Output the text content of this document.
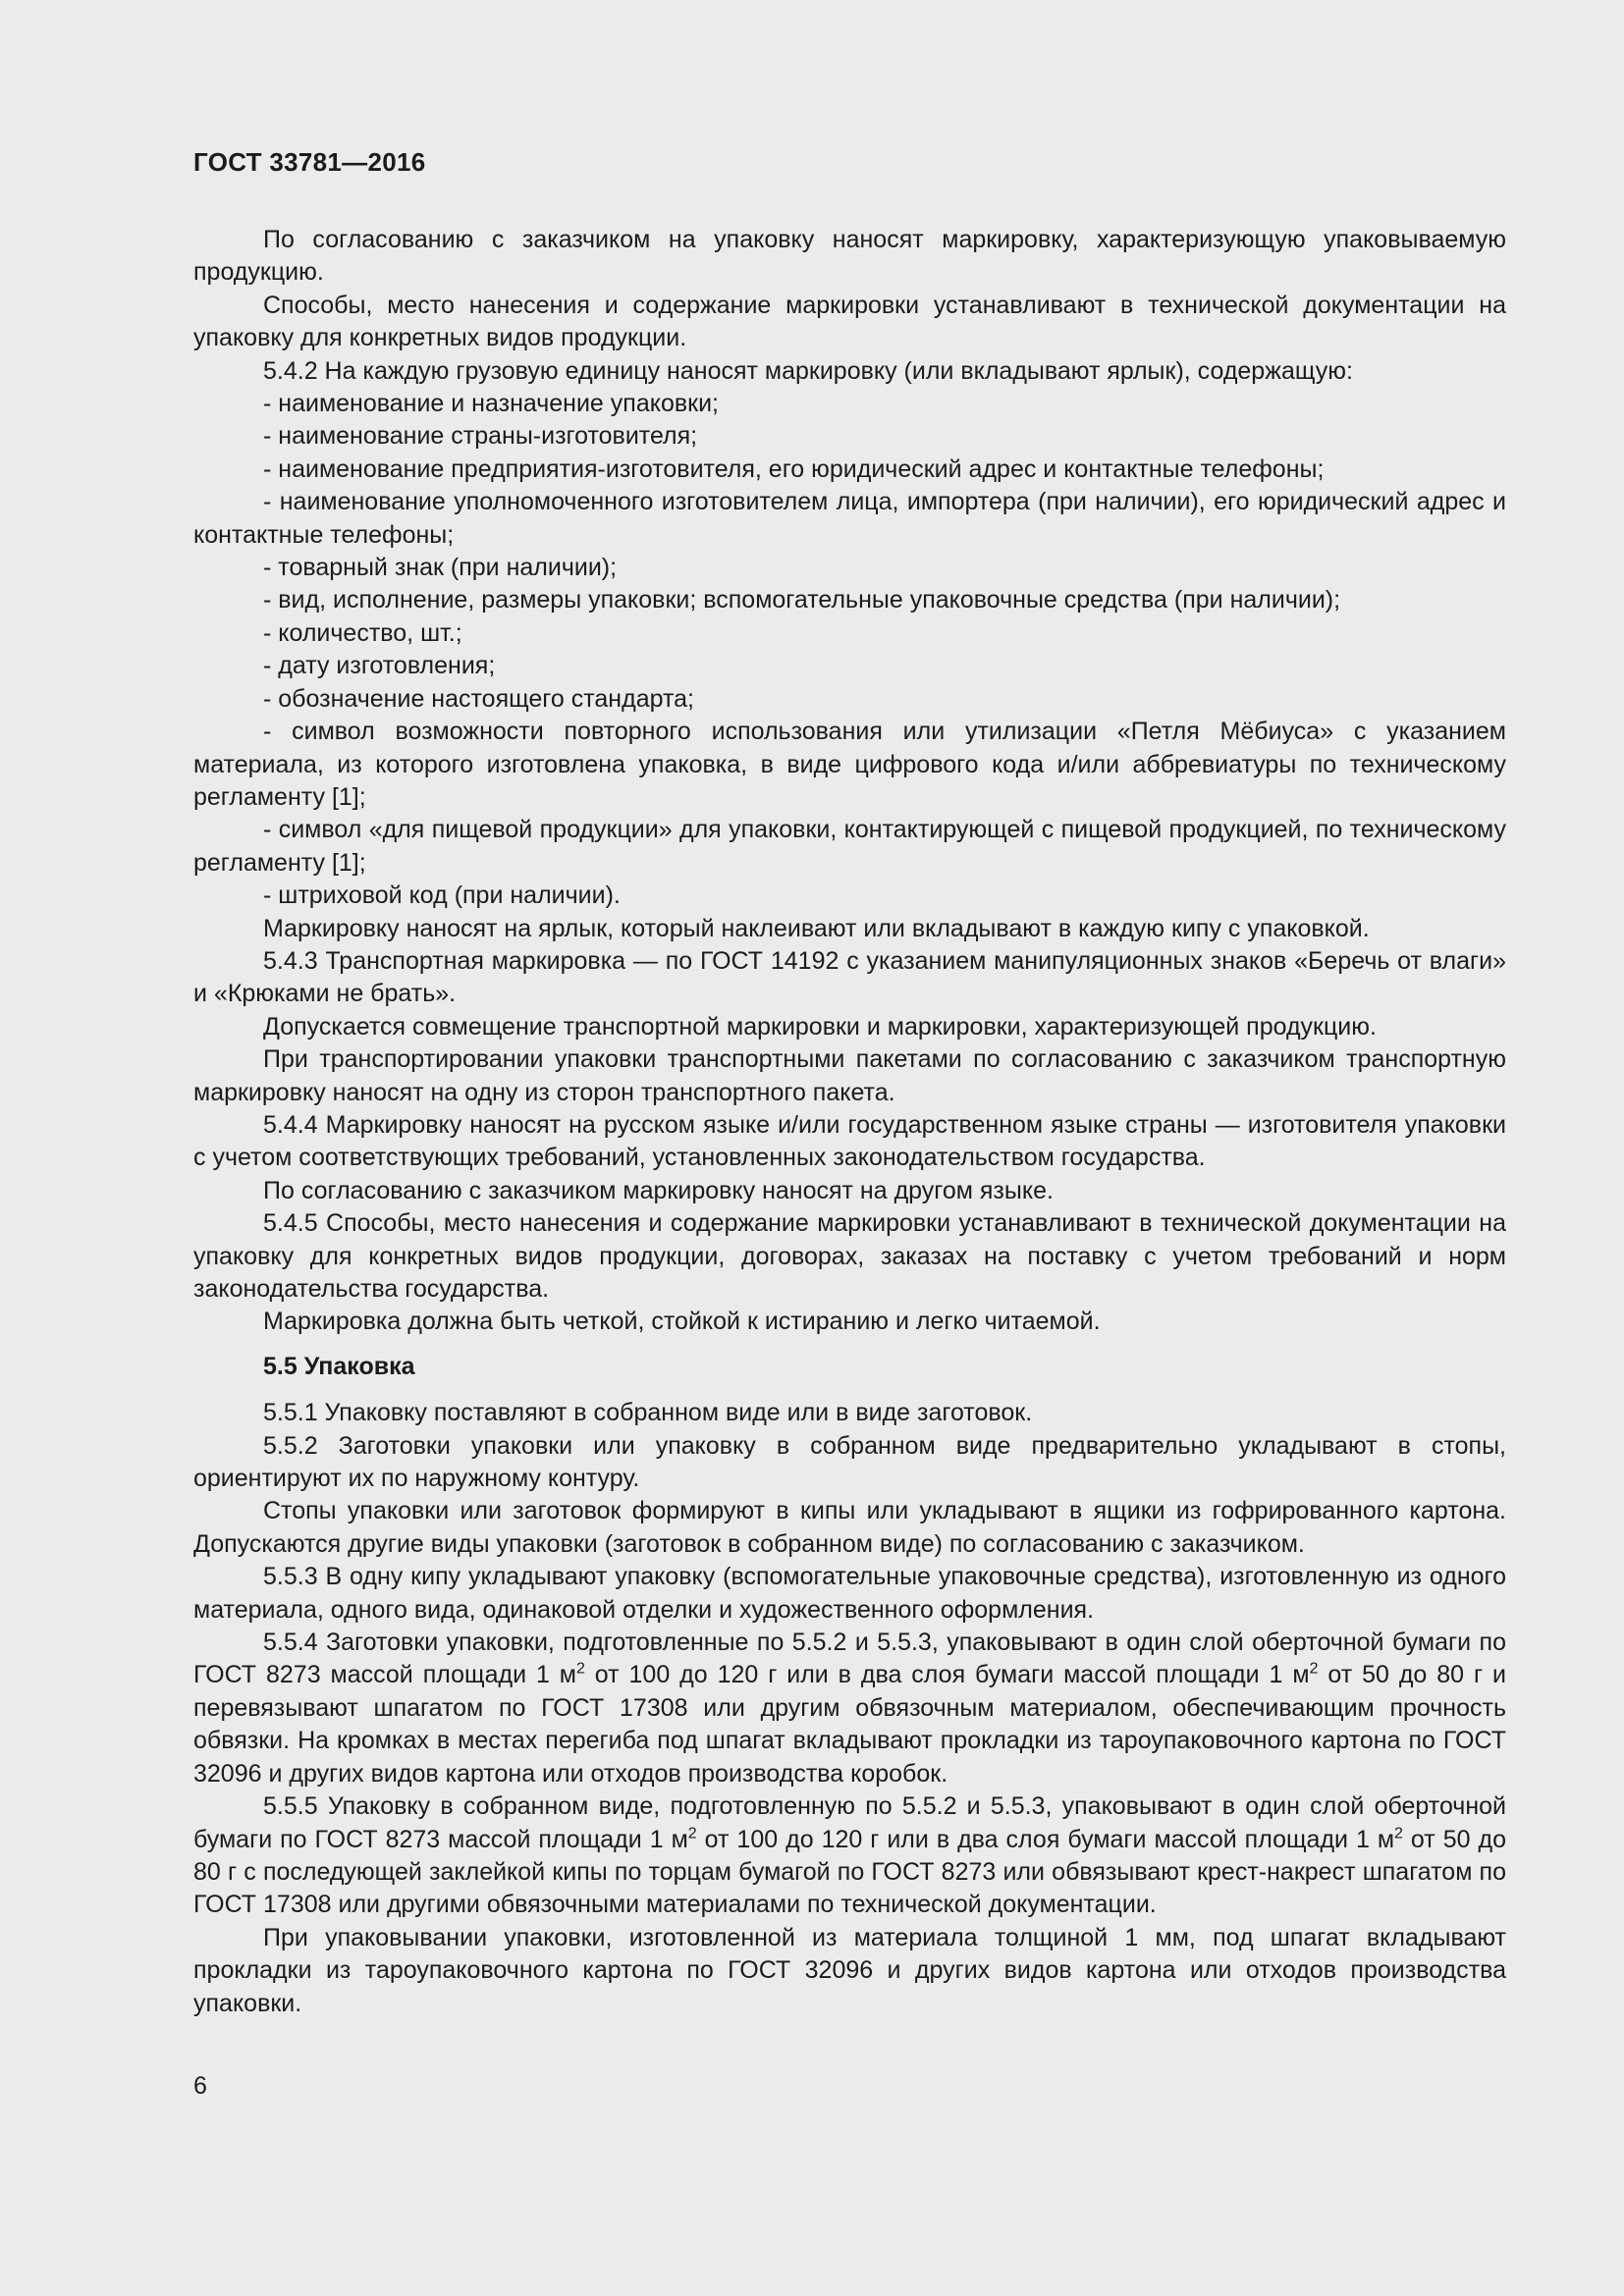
ГОСТ 33781—2016

По согласованию с заказчиком на упаковку наносят маркировку, характеризующую упаковываемую продукцию.

Способы, место нанесения и содержание маркировки устанавливают в технической документации на упаковку для конкретных видов продукции.

5.4.2 На каждую грузовую единицу наносят маркировку (или вкладывают ярлык), содержащую:

- наименование и назначение упаковки;

- наименование страны-изготовителя;

- наименование предприятия-изготовителя, его юридический адрес и контактные телефоны;

- наименование уполномоченного изготовителем лица, импортера (при наличии), его юридический адрес и контактные телефоны;

- товарный знак (при наличии);

- вид, исполнение, размеры упаковки; вспомогательные упаковочные средства (при наличии);

- количество, шт.;

- дату изготовления;

- обозначение настоящего стандарта;

- символ возможности повторного использования или утилизации «Петля Мёбиуса» с указанием материала, из которого изготовлена упаковка, в виде цифрового кода и/или аббревиатуры по техническому регламенту [1];

- символ «для пищевой продукции» для упаковки, контактирующей с пищевой продукцией, по техническому регламенту [1];

- штриховой код (при наличии).

Маркировку наносят на ярлык, который наклеивают или вкладывают в каждую кипу с упаковкой.

5.4.3 Транспортная маркировка — по ГОСТ 14192 с указанием манипуляционных знаков «Беречь от влаги» и «Крюками не брать».

Допускается совмещение транспортной маркировки и маркировки, характеризующей продукцию.

При транспортировании упаковки транспортными пакетами по согласованию с заказчиком транспортную маркировку наносят на одну из сторон транспортного пакета.

5.4.4 Маркировку наносят на русском языке и/или государственном языке страны — изготовителя упаковки с учетом соответствующих требований, установленных законодательством государства.

По согласованию с заказчиком маркировку наносят на другом языке.

5.4.5 Способы, место нанесения и содержание маркировки устанавливают в технической документации на упаковку для конкретных видов продукции, договорах, заказах на поставку с учетом требований и норм законодательства государства.

Маркировка должна быть четкой, стойкой к истиранию и легко читаемой.

5.5 Упаковка

5.5.1 Упаковку поставляют в собранном виде или в виде заготовок.

5.5.2 Заготовки упаковки или упаковку в собранном виде предварительно укладывают в стопы, ориентируют их по наружному контуру.

Стопы упаковки или заготовок формируют в кипы или укладывают в ящики из гофрированного картона. Допускаются другие виды упаковки (заготовок в собранном виде) по согласованию с заказчиком.

5.5.3 В одну кипу укладывают упаковку (вспомогательные упаковочные средства), изготовленную из одного материала, одного вида, одинаковой отделки и художественного оформления.

5.5.4 Заготовки упаковки, подготовленные по 5.5.2 и 5.5.3, упаковывают в один слой оберточной бумаги по ГОСТ 8273 массой площади 1 $м^2$ от 100 до 120 г или в два слоя бумаги массой площади 1 $м^2$ от 50 до 80 г и перевязывают шпагатом по ГОСТ 17308 или другим обвязочным материалом, обеспечивающим прочность обвязки. На кромках в местах перегиба под шпагат вкладывают прокладки из тароупаковочного картона по ГОСТ 32096 и других видов картона или отходов производства коробок.

5.5.5 Упаковку в собранном виде, подготовленную по 5.5.2 и 5.5.3, упаковывают в один слой оберточной бумаги по ГОСТ 8273 массой площади 1 $м^2$ от 100 до 120 г или в два слоя бумаги массой площади 1 $м^2$ от 50 до 80 г с последующей заклейкой кипы по торцам бумагой по ГОСТ 8273 или обвязывают крест-накрест шпагатом по ГОСТ 17308 или другими обвязочными материалами по технической документации.

При упаковывании упаковки, изготовленной из материала толщиной 1 мм, под шпагат вкладывают прокладки из тароупаковочного картона по ГОСТ 32096 и других видов картона или отходов производства упаковки.

6
